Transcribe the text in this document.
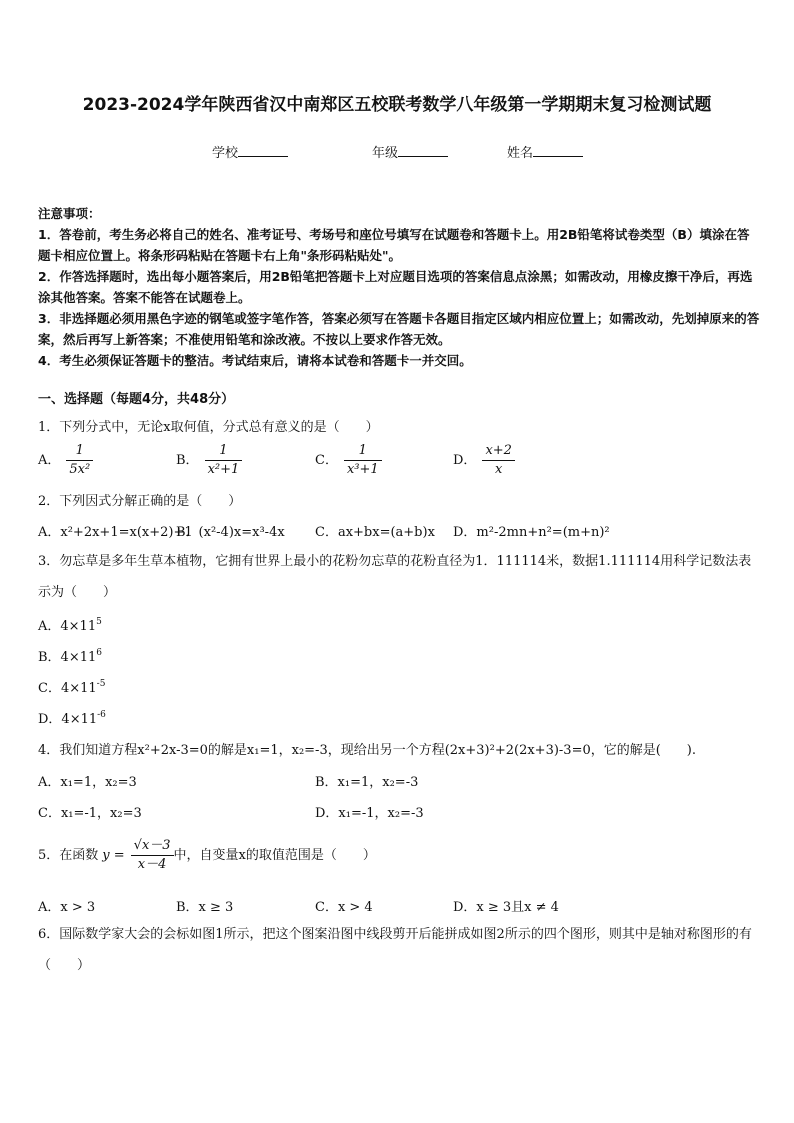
2023-2024学年陕西省汉中南郑区五校联考数学八年级第一学期期末复习检测试题
学校	年级	姓名

注意事项：

1．答卷前，考生务必将自己的姓名、准考证号、考场号和座位号填写在试题卷和答题卡上。用2B铅笔将试卷类型（B）填涂在答题卡相应位置上。将条形码粘贴在答题卡右上角"条形码粘贴处"。

2．作答选择题时，选出每小题答案后，用2B铅笔把答题卡上对应题目选项的答案信息点涂黑；如需改动，用橡皮擦干净后，再选涂其他答案。答案不能答在试题卷上。

3．非选择题必须用黑色字迹的钢笔或签字笔作答，答案必须写在答题卡各题目指定区域内相应位置上；如需改动，先划掉原来的答案，然后再写上新答案；不准使用铅笔和涂改液。不按以上要求作答无效。

4．考生必须保证答题卡的整洁。考试结束后，请将本试卷和答题卡一并交回。

一、选择题（每题4分，共48分）
1．下列分式中，无论x取何值，分式总有意义的是（　　）
A． $\frac{1}{\text{5x²}}$	B． $\frac{1}{\text{x²+1}}$	C． $\frac{1}{\text{x³+1}}$	D． $\frac{x+2}{x}$
2．下列因式分解正确的是（　　）
A．x²+2x+1=x(x+2)+1
B．(x²-4)x=x³-4x C．ax+bx=(a+b)x D．m²-2mn+n²=(m+n)²
3．勿忘草是多年生草本植物，它拥有世界上最小的花粉勿忘草的花粉直径为1．111114米，数据1.111114用科学记数法表示为（　　）
A．$4\times 11^5$
B．$4\times 11^6$
C．$4\times 11^{-5}$
D．$4\times 11^{-6}$
4．我们知道方程x²+2x-3=0的解是x₁=1，x₂=-3，现给出另一个方程(2x+3)²+2(2x+3)-3=0，它的解是(　　).
A．x₁=1，x₂=3	B．x₁=1，x₂=-3
C．x₁=-1，x₂=3	D．x₁=-1，x₂=-3
5．在函数 $y = \frac{√x-3}{x-4}$ 中，自变量x的取值范围是（　　）
A．x > 3	B．x ≥ 3	C．x > 4	D．x ≥ 3且x ≠ 4
6．国际数学家大会的会标如图1所示，把这个图案沿图中线段剪开后能拼成如图2所示的四个图形，则其中是轴对称图形的有（　　）
